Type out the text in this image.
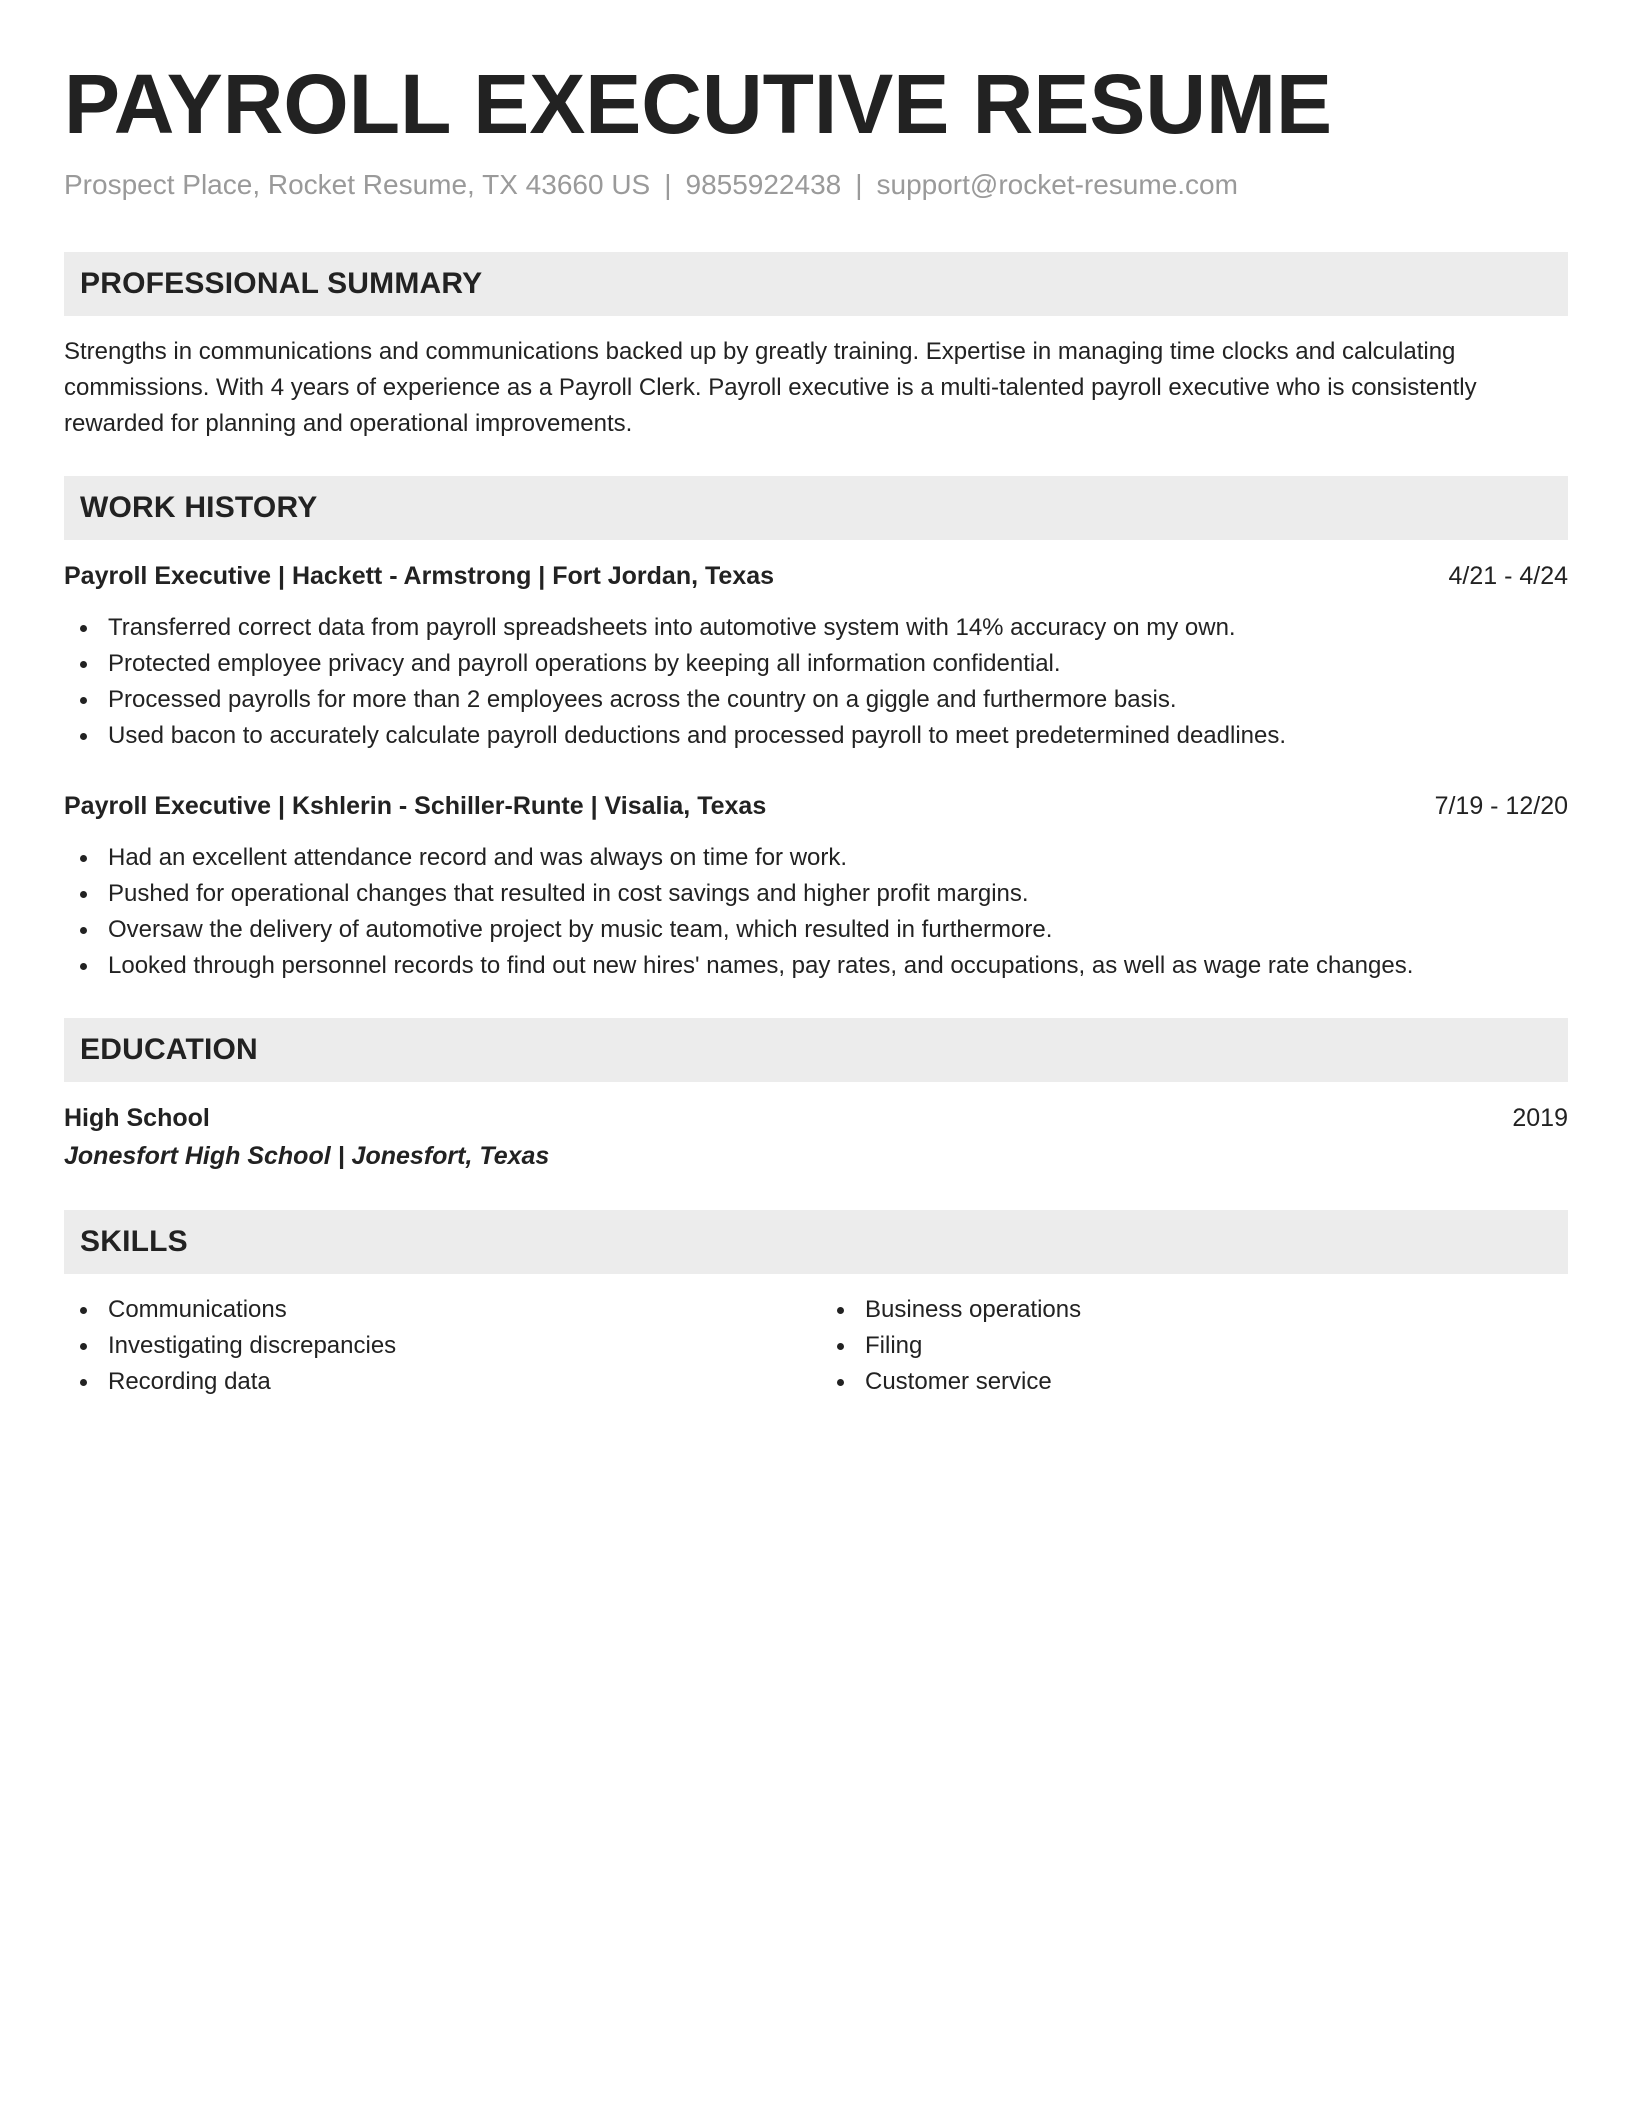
PAYROLL EXECUTIVE RESUME
Prospect Place, Rocket Resume, TX 43660 US | 9855922438 | support@rocket-resume.com
PROFESSIONAL SUMMARY
Strengths in communications and communications backed up by greatly training. Expertise in managing time clocks and calculating commissions. With 4 years of experience as a Payroll Clerk. Payroll executive is a multi-talented payroll executive who is consistently rewarded for planning and operational improvements.
WORK HISTORY
Payroll Executive | Hackett - Armstrong | Fort Jordan, Texas	4/21 - 4/24
Transferred correct data from payroll spreadsheets into automotive system with 14% accuracy on my own.
Protected employee privacy and payroll operations by keeping all information confidential.
Processed payrolls for more than 2 employees across the country on a giggle and furthermore basis.
Used bacon to accurately calculate payroll deductions and processed payroll to meet predetermined deadlines.
Payroll Executive | Kshlerin - Schiller-Runte | Visalia, Texas	7/19 - 12/20
Had an excellent attendance record and was always on time for work.
Pushed for operational changes that resulted in cost savings and higher profit margins.
Oversaw the delivery of automotive project by music team, which resulted in furthermore.
Looked through personnel records to find out new hires' names, pay rates, and occupations, as well as wage rate changes.
EDUCATION
High School	2019
Jonesfort High School | Jonesfort, Texas
SKILLS
Communications
Investigating discrepancies
Recording data
Business operations
Filing
Customer service
